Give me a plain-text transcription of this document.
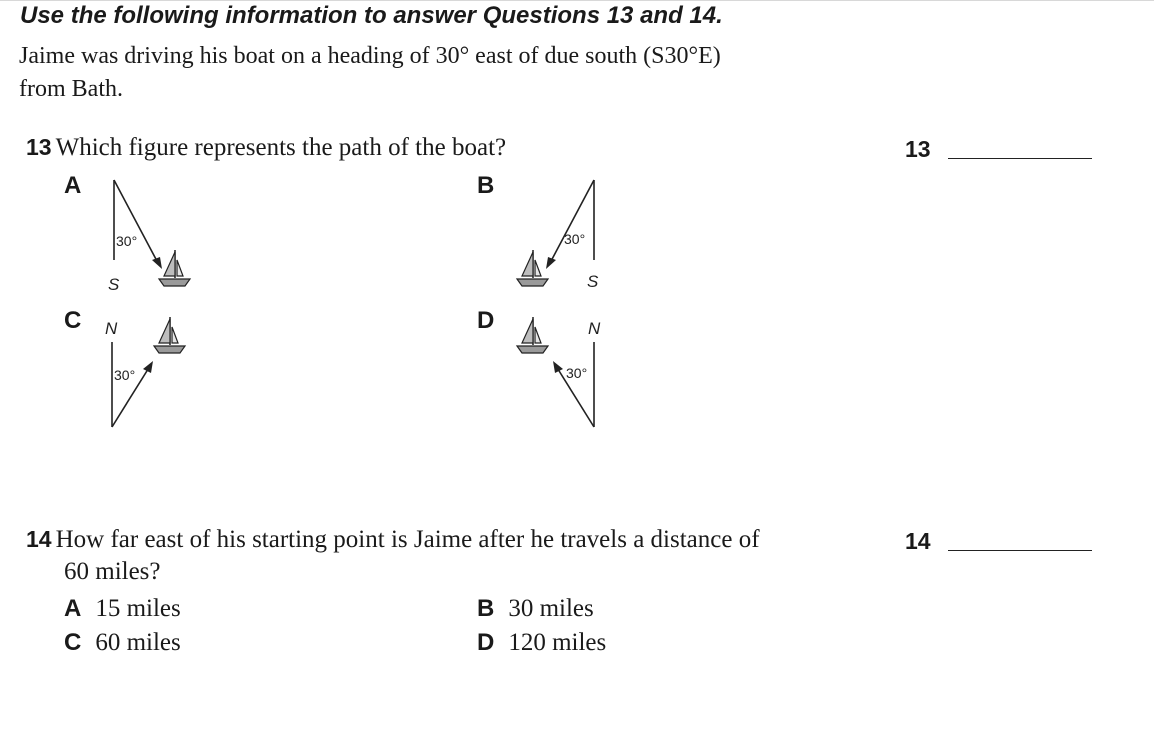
Use the following information to answer Questions 13 and 14.
Jaime was driving his boat on a heading of 30° east of due south (S30°E)
from Bath.
13 Which figure represents the path of the boat?	13
A
30°
S
B
30°
S
C N
30°
D	N
30°
14 How far east of his starting point is Jaime after he travels a distance of
60 miles?
14
A 15 miles	B 30 miles
C 60 miles	D 120 miles
